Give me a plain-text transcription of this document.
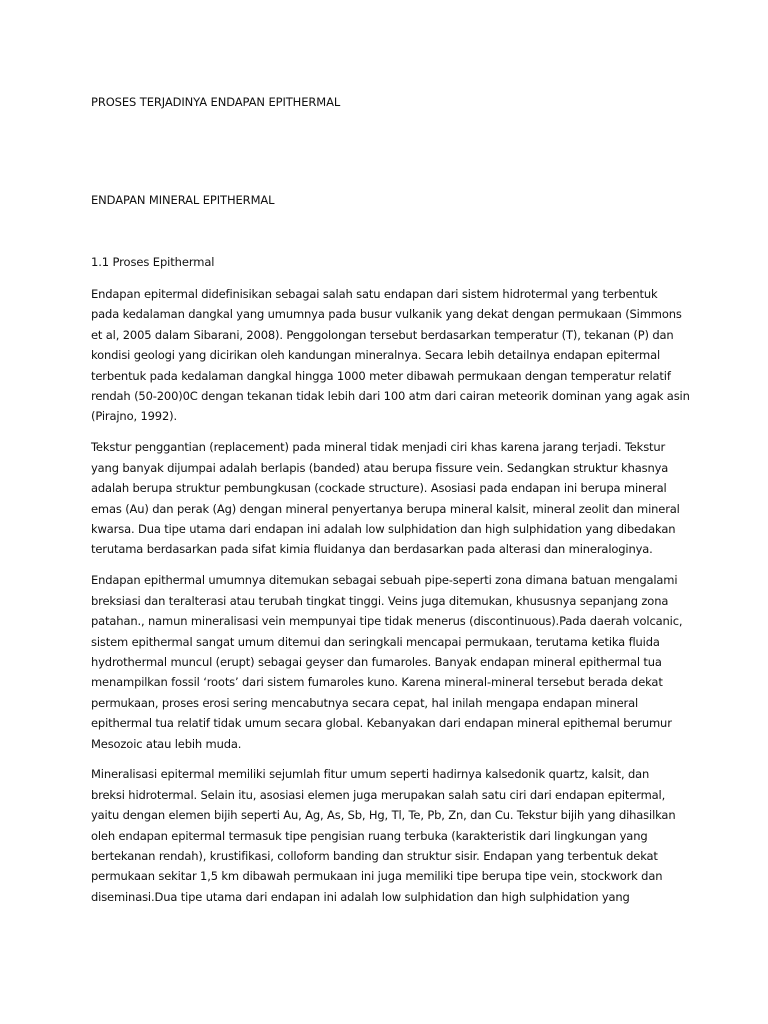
PROSES TERJADINYA ENDAPAN EPITHERMAL
ENDAPAN MINERAL EPITHERMAL
1.1 Proses Epithermal

Endapan epitermal didefinisikan sebagai salah satu endapan dari sistem hidrotermal yang terbentuk
pada kedalaman dangkal yang umumnya pada busur vulkanik yang dekat dengan permukaan (Simmons
et al, 2005 dalam Sibarani, 2008). Penggolongan tersebut berdasarkan temperatur (T), tekanan (P) dan
kondisi geologi yang dicirikan oleh kandungan mineralnya. Secara lebih detailnya endapan epitermal
terbentuk pada kedalaman dangkal hingga 1000 meter dibawah permukaan dengan temperatur relatif
rendah (50-200)0C dengan tekanan tidak lebih dari 100 atm dari cairan meteorik dominan yang agak asin
(Pirajno, 1992).

Tekstur penggantian (replacement) pada mineral tidak menjadi ciri khas karena jarang terjadi. Tekstur
yang banyak dijumpai adalah berlapis (banded) atau berupa fissure vein. Sedangkan struktur khasnya
adalah berupa struktur pembungkusan (cockade structure). Asosiasi pada endapan ini berupa mineral
emas (Au) dan perak (Ag) dengan mineral penyertanya berupa mineral kalsit, mineral zeolit dan mineral
kwarsa. Dua tipe utama dari endapan ini adalah low sulphidation dan high sulphidation yang dibedakan
terutama berdasarkan pada sifat kimia fluidanya dan berdasarkan pada alterasi dan mineraloginya.

Endapan epithermal umumnya ditemukan sebagai sebuah pipe-seperti zona dimana batuan mengalami
breksiasi dan teralterasi atau terubah tingkat tinggi. Veins juga ditemukan, khususnya sepanjang zona
patahan., namun mineralisasi vein mempunyai tipe tidak menerus (discontinuous).Pada daerah volcanic,
sistem epithermal sangat umum ditemui dan seringkali mencapai permukaan, terutama ketika fluida
hydrothermal muncul (erupt) sebagai geyser dan fumaroles. Banyak endapan mineral epithermal tua
menampilkan fossil ‘roots’ dari sistem fumaroles kuno. Karena mineral-mineral tersebut berada dekat
permukaan, proses erosi sering mencabutnya secara cepat, hal inilah mengapa endapan mineral
epithermal tua relatif tidak umum secara global. Kebanyakan dari endapan mineral epithemal berumur
Mesozoic atau lebih muda.

Mineralisasi epitermal memiliki sejumlah fitur umum seperti hadirnya kalsedonik quartz, kalsit, dan
breksi hidrotermal. Selain itu, asosiasi elemen juga merupakan salah satu ciri dari endapan epitermal,
yaitu dengan elemen bijih seperti Au, Ag, As, Sb, Hg, Tl, Te, Pb, Zn, dan Cu. Tekstur bijih yang dihasilkan
oleh endapan epitermal termasuk tipe pengisian ruang terbuka (karakteristik dari lingkungan yang
bertekanan rendah), krustifikasi, colloform banding dan struktur sisir. Endapan yang terbentuk dekat
permukaan sekitar 1,5 km dibawah permukaan ini juga memiliki tipe berupa tipe vein, stockwork dan
diseminasi.Dua tipe utama dari endapan ini adalah low sulphidation dan high sulphidation yang
